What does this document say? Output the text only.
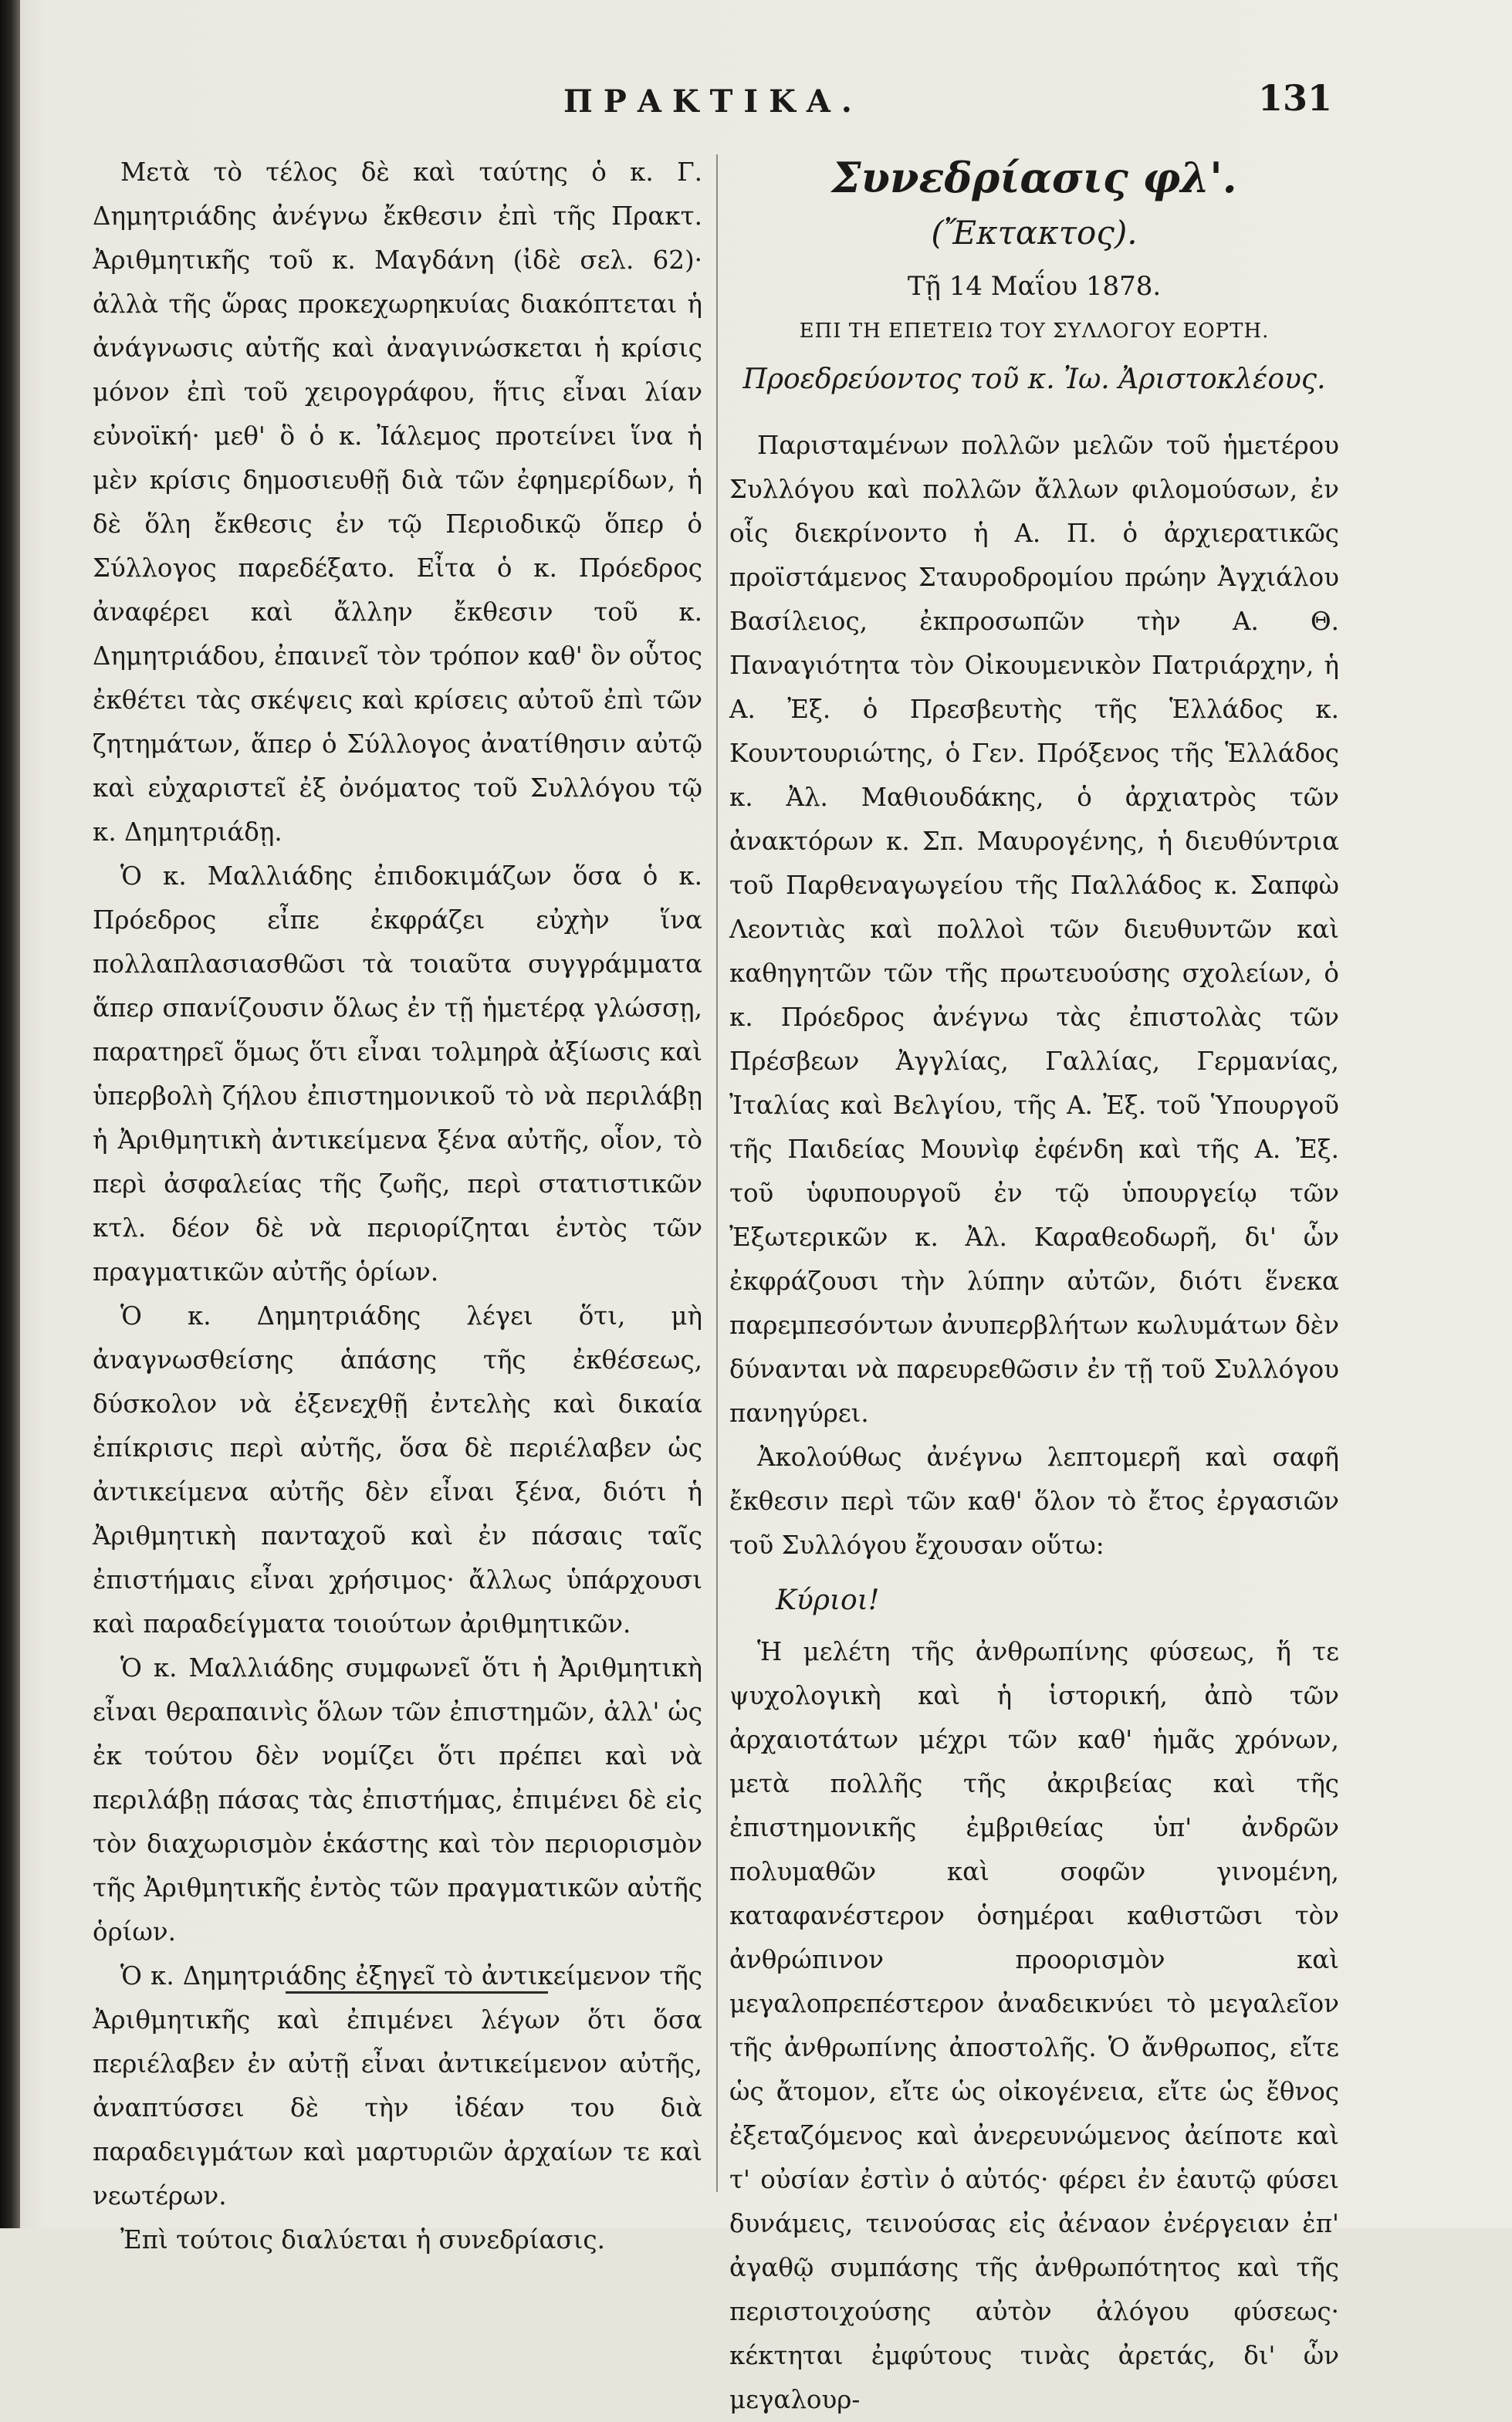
ΠΡΑΚΤΙΚΑ.	131

Μετὰ τὸ τέλος δὲ καὶ ταύτης ὁ κ. Γ. Δημητριάδης ἀνέγνω ἔκθεσιν ἐπὶ τῆς Πρακτ. Ἀριθμητικῆς τοῦ κ. Μαγδάνη (ἰδὲ σελ. 62)· ἀλλὰ τῆς ὥρας προκεχωρηκυίας διακόπτεται ἡ ἀνάγνωσις αὐτῆς καὶ ἀναγινώσκεται ἡ κρίσις μόνον ἐπὶ τοῦ χειρογράφου, ἥτις εἶναι λίαν εὐνοϊκή· μεθ' ὃ ὁ κ. Ἰάλεμος προτείνει ἵνα ἡ μὲν κρίσις δημοσιευθῇ διὰ τῶν ἐφημερίδων, ἡ δὲ ὅλη ἔκθεσις ἐν τῷ Περιοδικῷ ὅπερ ὁ Σύλλογος παρεδέξατο. Εἶτα ὁ κ. Πρόεδρος ἀναφέρει καὶ ἄλλην ἔκθεσιν τοῦ κ. Δημητριάδου, ἐπαινεῖ τὸν τρόπον καθ' ὃν οὗτος ἐκθέτει τὰς σκέψεις καὶ κρίσεις αὐτοῦ ἐπὶ τῶν ζητημάτων, ἅπερ ὁ Σύλλογος ἀνατίθησιν αὐτῷ καὶ εὐχαριστεῖ ἐξ ὀνόματος τοῦ Συλλόγου τῷ κ. Δημητριάδῃ.

Ὁ κ. Μαλλιάδης ἐπιδοκιμάζων ὅσα ὁ κ. Πρόεδρος εἶπε ἐκφράζει εὐχὴν ἵνα πολλαπλασιασθῶσι τὰ τοιαῦτα συγγράμματα ἅπερ σπανίζουσιν ὅλως ἐν τῇ ἡμετέρᾳ γλώσσῃ, παρατηρεῖ ὅμως ὅτι εἶναι τολμηρὰ ἀξίωσις καὶ ὑπερβολὴ ζήλου ἐπιστημονικοῦ τὸ νὰ περιλάβῃ ἡ Ἀριθμητικὴ ἀντικείμενα ξένα αὐτῆς, οἷον, τὸ περὶ ἀσφαλείας τῆς ζωῆς, περὶ στατιστικῶν κτλ. δέον δὲ νὰ περιορίζηται ἐντὸς τῶν πραγματικῶν αὐτῆς ὁρίων.

Ὁ κ. Δημητριάδης λέγει ὅτι, μὴ ἀναγνωσθείσης ἁπάσης τῆς ἐκθέσεως, δύσκολον νὰ ἐξενεχθῇ ἐντελὴς καὶ δικαία ἐπίκρισις περὶ αὐτῆς, ὅσα δὲ περιέλαβεν ὡς ἀντικείμενα αὐτῆς δὲν εἶναι ξένα, διότι ἡ Ἀριθμητικὴ πανταχοῦ καὶ ἐν πάσαις ταῖς ἐπιστήμαις εἶναι χρήσιμος· ἄλλως ὑπάρχουσι καὶ παραδείγματα τοιούτων ἀριθμητικῶν.

Ὁ κ. Μαλλιάδης συμφωνεῖ ὅτι ἡ Ἀριθμητικὴ εἶναι θεραπαινὶς ὅλων τῶν ἐπιστημῶν, ἀλλ' ὡς ἐκ τούτου δὲν νομίζει ὅτι πρέπει καὶ νὰ περιλάβῃ πάσας τὰς ἐπιστήμας, ἐπιμένει δὲ εἰς τὸν διαχωρισμὸν ἑκάστης καὶ τὸν περιορισμὸν τῆς Ἀριθμητικῆς ἐντὸς τῶν πραγματικῶν αὐτῆς ὁρίων.

Ὁ κ. Δημητριάδης ἐξηγεῖ τὸ ἀντικείμενον τῆς Ἀριθμητικῆς καὶ ἐπιμένει λέγων ὅτι ὅσα περιέλαβεν ἐν αὐτῇ εἶναι ἀντικείμενον αὐτῆς, ἀναπτύσσει δὲ τὴν ἰδέαν του διὰ παραδειγμάτων καὶ μαρτυριῶν ἀρχαίων τε καὶ νεωτέρων.

Ἐπὶ τούτοις διαλύεται ἡ συνεδρίασις.

Συνεδρίασις φλ'.
(Ἔκτακτος).
Τῇ 14 Μαΐου 1878.
ΕΠΙ ΤΗ ΕΠΕΤΕΙΩ ΤΟΥ ΣΥΛΛΟΓΟΥ ΕΟΡΤΗ.
Προεδρεύοντος τοῦ κ. Ἰω. Ἀριστοκλέους.

Παρισταμένων πολλῶν μελῶν τοῦ ἡμετέρου Συλλόγου καὶ πολλῶν ἄλλων φιλομούσων, ἐν οἷς διεκρίνοντο ἡ Α. Π. ὁ ἀρχιερατικῶς προϊστάμενος Σταυροδρομίου πρώην Ἀγχιάλου Βασίλειος, ἐκπροσωπῶν τὴν Α. Θ. Παναγιότητα τὸν Οἰκουμενικὸν Πατριάρχην, ἡ Α. Ἐξ. ὁ Πρεσβευτὴς τῆς Ἑλλάδος κ. Κουντουριώτης, ὁ Γεν. Πρόξενος τῆς Ἑλλάδος κ. Ἀλ. Μαθιουδάκης, ὁ ἀρχιατρὸς τῶν ἀνακτόρων κ. Σπ. Μαυρογένης, ἡ διευθύντρια τοῦ Παρθεναγωγείου τῆς Παλλάδος κ. Σαπφὼ Λεοντιὰς καὶ πολλοὶ τῶν διευθυντῶν καὶ καθηγητῶν τῶν τῆς πρωτευούσης σχολείων, ὁ κ. Πρόεδρος ἀνέγνω τὰς ἐπιστολὰς τῶν Πρέσβεων Ἀγγλίας, Γαλλίας, Γερμανίας, Ἰταλίας καὶ Βελγίου, τῆς Α. Ἐξ. τοῦ Ὑπουργοῦ τῆς Παιδείας Μουνὶφ ἐφένδη καὶ τῆς Α. Ἐξ. τοῦ ὑφυπουργοῦ ἐν τῷ ὑπουργείῳ τῶν Ἐξωτερικῶν κ. Ἀλ. Καραθεοδωρῆ, δι' ὧν ἐκφράζουσι τὴν λύπην αὐτῶν, διότι ἕνεκα παρεμπεσόντων ἀνυπερβλήτων κωλυμάτων δὲν δύνανται νὰ παρευρεθῶσιν ἐν τῇ τοῦ Συλλόγου πανηγύρει.

Ἀκολούθως ἀνέγνω λεπτομερῆ καὶ σαφῆ ἔκθεσιν περὶ τῶν καθ' ὅλον τὸ ἔτος ἐργασιῶν τοῦ Συλλόγου ἔχουσαν οὕτω:

Κύριοι!

Ἡ μελέτη τῆς ἀνθρωπίνης φύσεως, ἥ τε ψυχολογικὴ καὶ ἡ ἱστορική, ἀπὸ τῶν ἀρχαιοτάτων μέχρι τῶν καθ' ἡμᾶς χρόνων, μετὰ πολλῆς τῆς ἀκριβείας καὶ τῆς ἐπιστημονικῆς ἐμβριθείας ὑπ' ἀνδρῶν πολυμαθῶν καὶ σοφῶν γινομένη, καταφανέστερον ὁσημέραι καθιστῶσι τὸν ἀνθρώπινον προορισμὸν καὶ μεγαλοπρεπέστερον ἀναδεικνύει τὸ μεγαλεῖον τῆς ἀνθρωπίνης ἀποστολῆς. Ὁ ἄνθρωπος, εἴτε ὡς ἄτομον, εἴτε ὡς οἰκογένεια, εἴτε ὡς ἔθνος ἐξεταζόμενος καὶ ἀνερευνώμενος ἀείποτε καὶ τ' οὐσίαν ἐστὶν ὁ αὐτός· φέρει ἐν ἑαυτῷ φύσει δυνάμεις, τεινούσας εἰς ἀέναον ἐνέργειαν ἐπ' ἀγαθῷ συμπάσης τῆς ἀνθρωπότητος καὶ τῆς περιστοιχούσης αὐτὸν ἀλόγου φύσεως· κέκτηται ἐμφύτους τινὰς ἀρετάς, δι' ὧν μεγαλουρ-
